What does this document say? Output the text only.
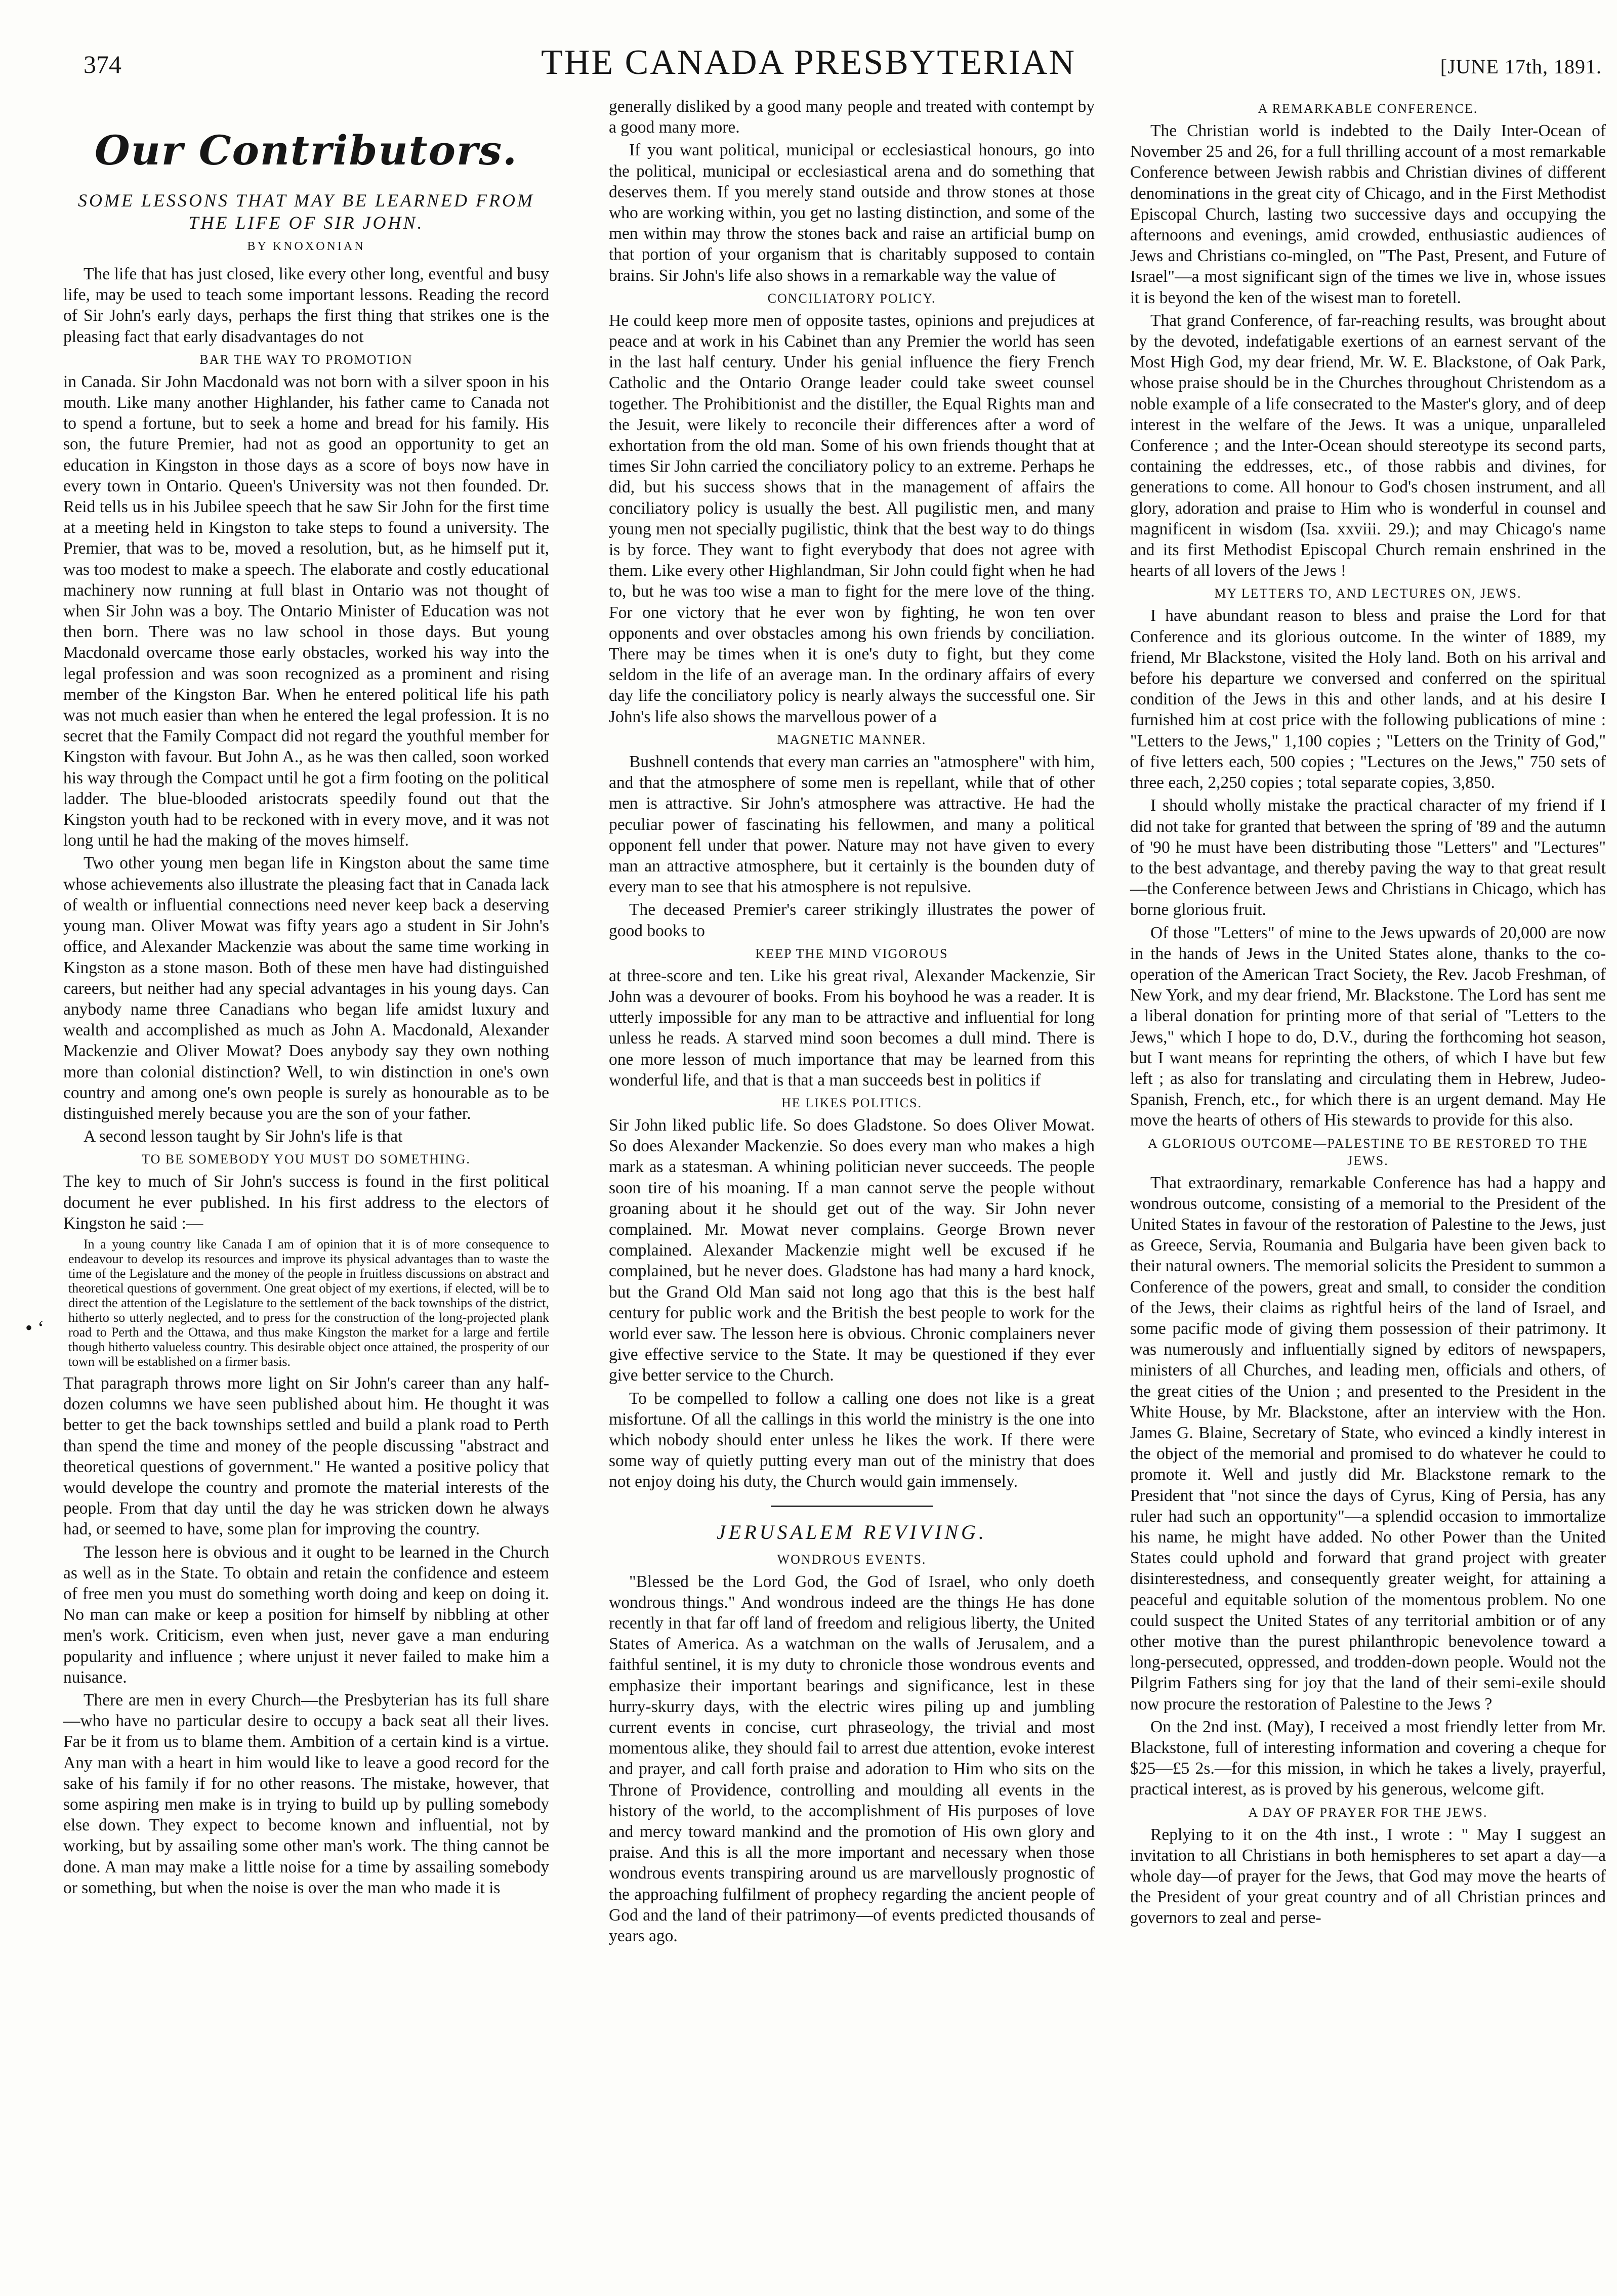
374	THE CANADA PRESBYTERIAN	[JUNE 17th, 1891.
• ‘
Our Contributors.
SOME LESSONS THAT MAY BE LEARNED FROM THE LIFE OF SIR JOHN.
BY KNOXONIAN

The life that has just closed, like every other long, eventful and busy life, may be used to teach some important lessons. Reading the record of Sir John's early days, perhaps the first thing that strikes one is the pleasing fact that early disadvantages do not

BAR THE WAY TO PROMOTION

in Canada. Sir John Macdonald was not born with a silver spoon in his mouth. Like many another Highlander, his father came to Canada not to spend a fortune, but to seek a home and bread for his family. His son, the future Premier, had not as good an opportunity to get an education in Kingston in those days as a score of boys now have in every town in Ontario. Queen's University was not then founded. Dr. Reid tells us in his Jubilee speech that he saw Sir John for the first time at a meeting held in Kingston to take steps to found a university. The Premier, that was to be, moved a resolution, but, as he himself put it, was too modest to make a speech. The elaborate and costly educational machinery now running at full blast in Ontario was not thought of when Sir John was a boy. The Ontario Minister of Education was not then born. There was no law school in those days. But young Macdonald overcame those early obstacles, worked his way into the legal profession and was soon recognized as a prominent and rising member of the Kingston Bar. When he entered political life his path was not much easier than when he entered the legal profession. It is no secret that the Family Compact did not regard the youthful member for Kingston with favour. But John A., as he was then called, soon worked his way through the Compact until he got a firm footing on the political ladder. The blue-blooded aristocrats speedily found out that the Kingston youth had to be reckoned with in every move, and it was not long until he had the making of the moves himself.

Two other young men began life in Kingston about the same time whose achievements also illustrate the pleasing fact that in Canada lack of wealth or influential connections need never keep back a deserving young man. Oliver Mowat was fifty years ago a student in Sir John's office, and Alexander Mackenzie was about the same time working in Kingston as a stone mason. Both of these men have had distinguished careers, but neither had any special advantages in his young days. Can anybody name three Canadians who began life amidst luxury and wealth and accomplished as much as John A. Macdonald, Alexander Mackenzie and Oliver Mowat? Does anybody say they own nothing more than colonial distinction? Well, to win distinction in one's own country and among one's own people is surely as honourable as to be distinguished merely because you are the son of your father.

A second lesson taught by Sir John's life is that

TO BE SOMEBODY YOU MUST DO SOMETHING.

The key to much of Sir John's success is found in the first political document he ever published. In his first address to the electors of Kingston he said :—

In a young country like Canada I am of opinion that it is of more consequence to endeavour to develop its resources and improve its physical advantages than to waste the time of the Legislature and the money of the people in fruitless discussions on abstract and theoretical questions of government. One great object of my exertions, if elected, will be to direct the attention of the Legislature to the settlement of the back townships of the district, hitherto so utterly neglected, and to press for the construction of the long-projected plank road to Perth and the Ottawa, and thus make Kingston the market for a large and fertile though hitherto valueless country. This desirable object once attained, the prosperity of our town will be established on a firmer basis.

That paragraph throws more light on Sir John's career than any half-dozen columns we have seen published about him. He thought it was better to get the back townships settled and build a plank road to Perth than spend the time and money of the people discussing "abstract and theoretical questions of government." He wanted a positive policy that would develope the country and promote the material interests of the people. From that day until the day he was stricken down he always had, or seemed to have, some plan for improving the country.

The lesson here is obvious and it ought to be learned in the Church as well as in the State. To obtain and retain the confidence and esteem of free men you must do something worth doing and keep on doing it. No man can make or keep a position for himself by nibbling at other men's work. Criticism, even when just, never gave a man enduring popularity and influence ; where unjust it never failed to make him a nuisance.

There are men in every Church—the Presbyterian has its full share—who have no particular desire to occupy a back seat all their lives. Far be it from us to blame them. Ambition of a certain kind is a virtue. Any man with a heart in him would like to leave a good record for the sake of his family if for no other reasons. The mistake, however, that some aspiring men make is in trying to build up by pulling somebody else down. They expect to become known and influential, not by working, but by assailing some other man's work. The thing cannot be done. A man may make a little noise for a time by assailing somebody or something, but when the noise is over the man who made it is

generally disliked by a good many people and treated with contempt by a good many more.

If you want political, municipal or ecclesiastical honours, go into the political, municipal or ecclesiastical arena and do something that deserves them. If you merely stand outside and throw stones at those who are working within, you get no lasting distinction, and some of the men within may throw the stones back and raise an artificial bump on that portion of your organism that is charitably supposed to contain brains. Sir John's life also shows in a remarkable way the value of

CONCILIATORY POLICY.

He could keep more men of opposite tastes, opinions and prejudices at peace and at work in his Cabinet than any Premier the world has seen in the last half century. Under his genial influence the fiery French Catholic and the Ontario Orange leader could take sweet counsel together. The Prohibitionist and the distiller, the Equal Rights man and the Jesuit, were likely to reconcile their differences after a word of exhortation from the old man. Some of his own friends thought that at times Sir John carried the conciliatory policy to an extreme. Perhaps he did, but his success shows that in the management of affairs the conciliatory policy is usually the best. All pugilistic men, and many young men not specially pugilistic, think that the best way to do things is by force. They want to fight everybody that does not agree with them. Like every other Highlandman, Sir John could fight when he had to, but he was too wise a man to fight for the mere love of the thing. For one victory that he ever won by fighting, he won ten over opponents and over obstacles among his own friends by conciliation. There may be times when it is one's duty to fight, but they come seldom in the life of an average man. In the ordinary affairs of every day life the conciliatory policy is nearly always the successful one. Sir John's life also shows the marvellous power of a

MAGNETIC MANNER.

Bushnell contends that every man carries an "atmosphere" with him, and that the atmosphere of some men is repellant, while that of other men is attractive. Sir John's atmosphere was attractive. He had the peculiar power of fascinating his fellowmen, and many a political opponent fell under that power. Nature may not have given to every man an attractive atmosphere, but it certainly is the bounden duty of every man to see that his atmosphere is not repulsive.

The deceased Premier's career strikingly illustrates the power of good books to

KEEP THE MIND VIGOROUS

at three-score and ten. Like his great rival, Alexander Mackenzie, Sir John was a devourer of books. From his boyhood he was a reader. It is utterly impossible for any man to be attractive and influential for long unless he reads. A starved mind soon becomes a dull mind. There is one more lesson of much importance that may be learned from this wonderful life, and that is that a man succeeds best in politics if

HE LIKES POLITICS.

Sir John liked public life. So does Gladstone. So does Oliver Mowat. So does Alexander Mackenzie. So does every man who makes a high mark as a statesman. A whining politician never succeeds. The people soon tire of his moaning. If a man cannot serve the people without groaning about it he should get out of the way. Sir John never complained. Mr. Mowat never complains. George Brown never complained. Alexander Mackenzie might well be excused if he complained, but he never does. Gladstone has had many a hard knock, but the Grand Old Man said not long ago that this is the best half century for public work and the British the best people to work for the world ever saw. The lesson here is obvious. Chronic complainers never give effective service to the State. It may be questioned if they ever give better service to the Church.

To be compelled to follow a calling one does not like is a great misfortune. Of all the callings in this world the ministry is the one into which nobody should enter unless he likes the work. If there were some way of quietly putting every man out of the ministry that does not enjoy doing his duty, the Church would gain immensely.

JERUSALEM REVIVING.
WONDROUS EVENTS.

"Blessed be the Lord God, the God of Israel, who only doeth wondrous things." And wondrous indeed are the things He has done recently in that far off land of freedom and religious liberty, the United States of America. As a watchman on the walls of Jerusalem, and a faithful sentinel, it is my duty to chronicle those wondrous events and emphasize their important bearings and significance, lest in these hurry-skurry days, with the electric wires piling up and jumbling current events in concise, curt phraseology, the trivial and most momentous alike, they should fail to arrest due attention, evoke interest and prayer, and call forth praise and adoration to Him who sits on the Throne of Providence, controlling and moulding all events in the history of the world, to the accomplishment of His purposes of love and mercy toward mankind and the promotion of His own glory and praise. And this is all the more important and necessary when those wondrous events transpiring around us are marvellously prognostic of the approaching fulfilment of prophecy regarding the ancient people of God and the land of their patrimony—of events predicted thousands of years ago.

A REMARKABLE CONFERENCE.

The Christian world is indebted to the Daily Inter-Ocean of November 25 and 26, for a full thrilling account of a most remarkable Conference between Jewish rabbis and Christian divines of different denominations in the great city of Chicago, and in the First Methodist Episcopal Church, lasting two successive days and occupying the afternoons and evenings, amid crowded, enthusiastic audiences of Jews and Christians co-mingled, on "The Past, Present, and Future of Israel"—a most significant sign of the times we live in, whose issues it is beyond the ken of the wisest man to foretell.

That grand Conference, of far-reaching results, was brought about by the devoted, indefatigable exertions of an earnest servant of the Most High God, my dear friend, Mr. W. E. Blackstone, of Oak Park, whose praise should be in the Churches throughout Christendom as a noble example of a life consecrated to the Master's glory, and of deep interest in the welfare of the Jews. It was a unique, unparalleled Conference ; and the Inter-Ocean should stereotype its second parts, containing the eddresses, etc., of those rabbis and divines, for generations to come. All honour to God's chosen instrument, and all glory, adoration and praise to Him who is wonderful in counsel and magnificent in wisdom (Isa. xxviii. 29.); and may Chicago's name and its first Methodist Episcopal Church remain enshrined in the hearts of all lovers of the Jews !

MY LETTERS TO, AND LECTURES ON, JEWS.

I have abundant reason to bless and praise the Lord for that Conference and its glorious outcome. In the winter of 1889, my friend, Mr Blackstone, visited the Holy land. Both on his arrival and before his departure we conversed and conferred on the spiritual condition of the Jews in this and other lands, and at his desire I furnished him at cost price with the following publications of mine : "Letters to the Jews," 1,100 copies ; "Letters on the Trinity of God," of five letters each, 500 copies ; "Lectures on the Jews," 750 sets of three each, 2,250 copies ; total separate copies, 3,850.

I should wholly mistake the practical character of my friend if I did not take for granted that between the spring of '89 and the autumn of '90 he must have been distributing those "Letters" and "Lectures" to the best advantage, and thereby paving the way to that great result—the Conference between Jews and Christians in Chicago, which has borne glorious fruit.

Of those "Letters" of mine to the Jews upwards of 20,000 are now in the hands of Jews in the United States alone, thanks to the co-operation of the American Tract Society, the Rev. Jacob Freshman, of New York, and my dear friend, Mr. Blackstone. The Lord has sent me a liberal donation for printing more of that serial of "Letters to the Jews," which I hope to do, D.V., during the forthcoming hot season, but I want means for reprinting the others, of which I have but few left ; as also for translating and circulating them in Hebrew, Judeo-Spanish, French, etc., for which there is an urgent demand. May He move the hearts of others of His stewards to provide for this also.

A GLORIOUS OUTCOME—PALESTINE TO BE RESTORED TO THE JEWS.

That extraordinary, remarkable Conference has had a happy and wondrous outcome, consisting of a memorial to the President of the United States in favour of the restoration of Palestine to the Jews, just as Greece, Servia, Roumania and Bulgaria have been given back to their natural owners. The memorial solicits the President to summon a Conference of the powers, great and small, to consider the condition of the Jews, their claims as rightful heirs of the land of Israel, and some pacific mode of giving them possession of their patrimony. It was numerously and influentially signed by editors of newspapers, ministers of all Churches, and leading men, officials and others, of the great cities of the Union ; and presented to the President in the White House, by Mr. Blackstone, after an interview with the Hon. James G. Blaine, Secretary of State, who evinced a kindly interest in the object of the memorial and promised to do whatever he could to promote it. Well and justly did Mr. Blackstone remark to the President that "not since the days of Cyrus, King of Persia, has any ruler had such an opportunity"—a splendid occasion to immortalize his name, he might have added. No other Power than the United States could uphold and forward that grand project with greater disinterestedness, and consequently greater weight, for attaining a peaceful and equitable solution of the momentous problem. No one could suspect the United States of any territorial ambition or of any other motive than the purest philanthropic benevolence toward a long-persecuted, oppressed, and trodden-down people. Would not the Pilgrim Fathers sing for joy that the land of their semi-exile should now procure the restoration of Palestine to the Jews ?

On the 2nd inst. (May), I received a most friendly letter from Mr. Blackstone, full of interesting information and covering a cheque for $25—£5 2s.—for this mission, in which he takes a lively, prayerful, practical interest, as is proved by his generous, welcome gift.

A DAY OF PRAYER FOR THE JEWS.

Replying to it on the 4th inst., I wrote : " May I suggest an invitation to all Christians in both hemispheres to set apart a day—a whole day—of prayer for the Jews, that God may move the hearts of the President of your great country and of all Christian princes and governors to zeal and perse-
